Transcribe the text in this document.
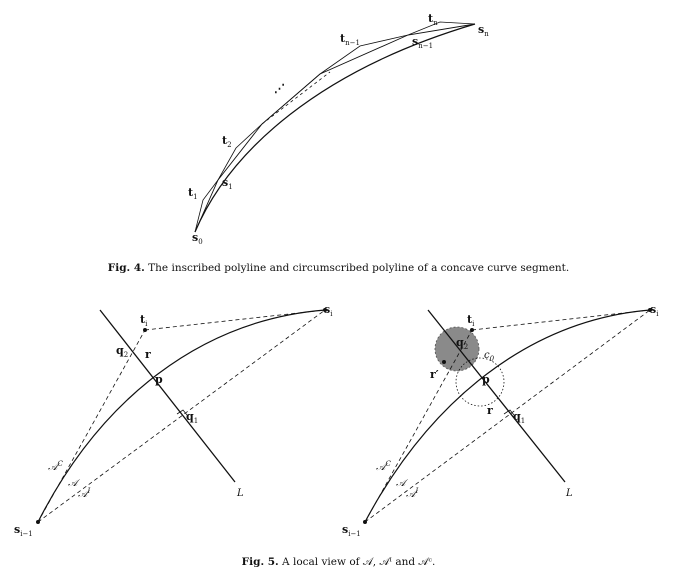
$t_n$	$s_n$
$t_{n-1}$	$s_{n-1}$
⋰
$t_2$
$s_1$
$t_1$
$s_0$
$t_i$
$s_i$
$q_2$ r
p
$q_1$
L
𝒜$^C$
𝒜
𝒜$^I$
$s_{i-1}$
$t_i$
$s_i$
$q_2$
$c_0$
r′	p
r $q_1$
L
𝒜$^C$
𝒜
𝒜$^I$
$s_{i-1}$
Fig. 4. The inscribed polyline and circumscribed polyline of a concave curve segment.
Fig. 5. A local view of 𝒜, 𝒜ᴵ and 𝒜ᶜ.
